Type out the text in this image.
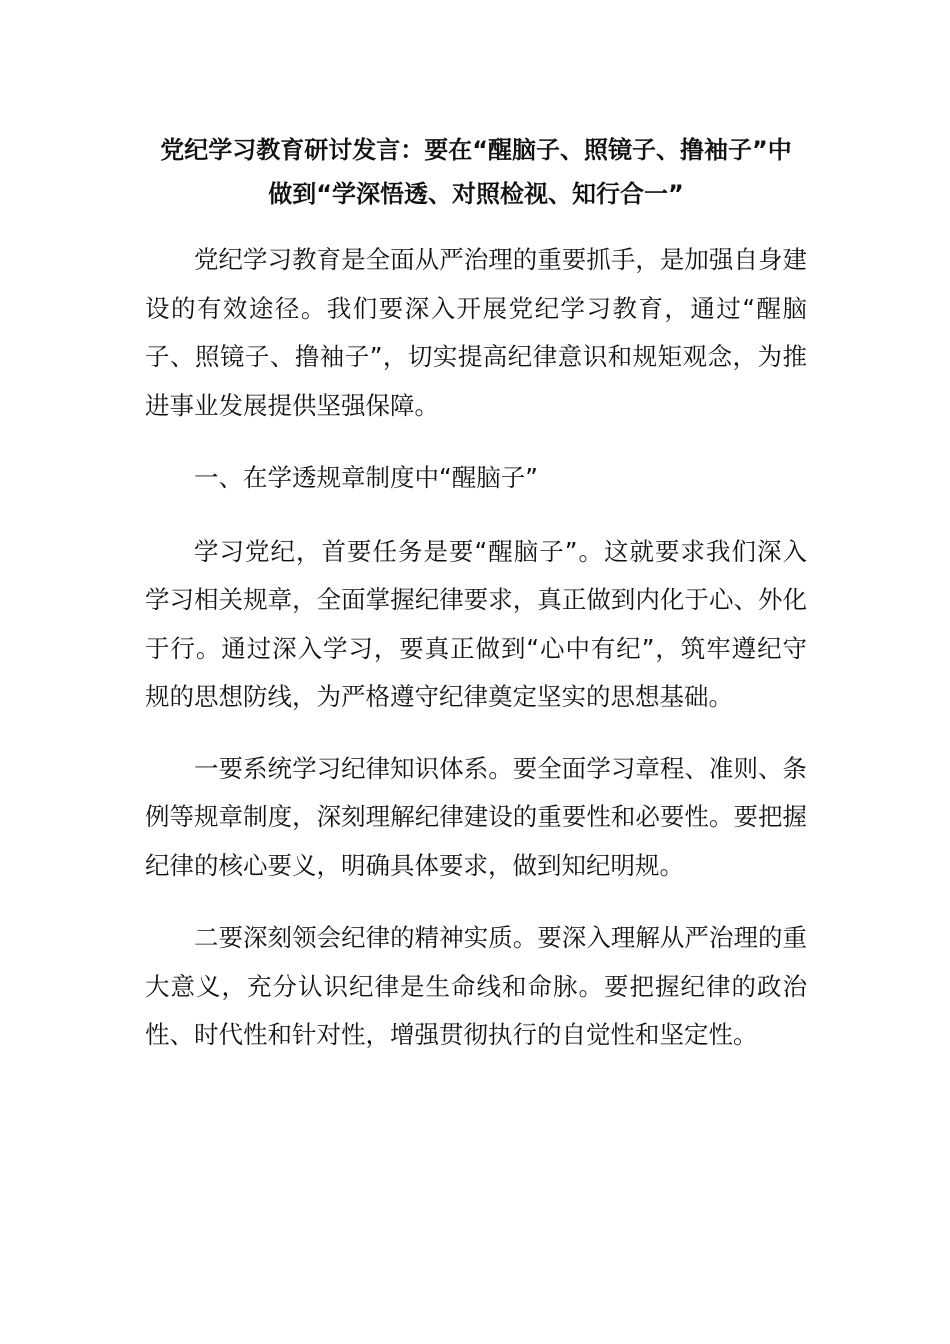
党纪学习教育研讨发言：要在“醒脑子、照镜子、撸袖子”中
做到“学深悟透、对照检视、知行合一”

党纪学习教育是全面从严治理的重要抓手，是加强自身建设的有效途径。我们要深入开展党纪学习教育，通过“醒脑子、照镜子、撸袖子”，切实提高纪律意识和规矩观念，为推进事业发展提供坚强保障。

一、在学透规章制度中“醒脑子”

学习党纪，首要任务是要“醒脑子”。这就要求我们深入学习相关规章，全面掌握纪律要求，真正做到内化于心、外化于行。通过深入学习，要真正做到“心中有纪”，筑牢遵纪守规的思想防线，为严格遵守纪律奠定坚实的思想基础。

一要系统学习纪律知识体系。要全面学习章程、准则、条例等规章制度，深刻理解纪律建设的重要性和必要性。要把握纪律的核心要义，明确具体要求，做到知纪明规。

二要深刻领会纪律的精神实质。要深入理解从严治理的重大意义，充分认识纪律是生命线和命脉。要把握纪律的政治性、时代性和针对性，增强贯彻执行的自觉性和坚定性。
